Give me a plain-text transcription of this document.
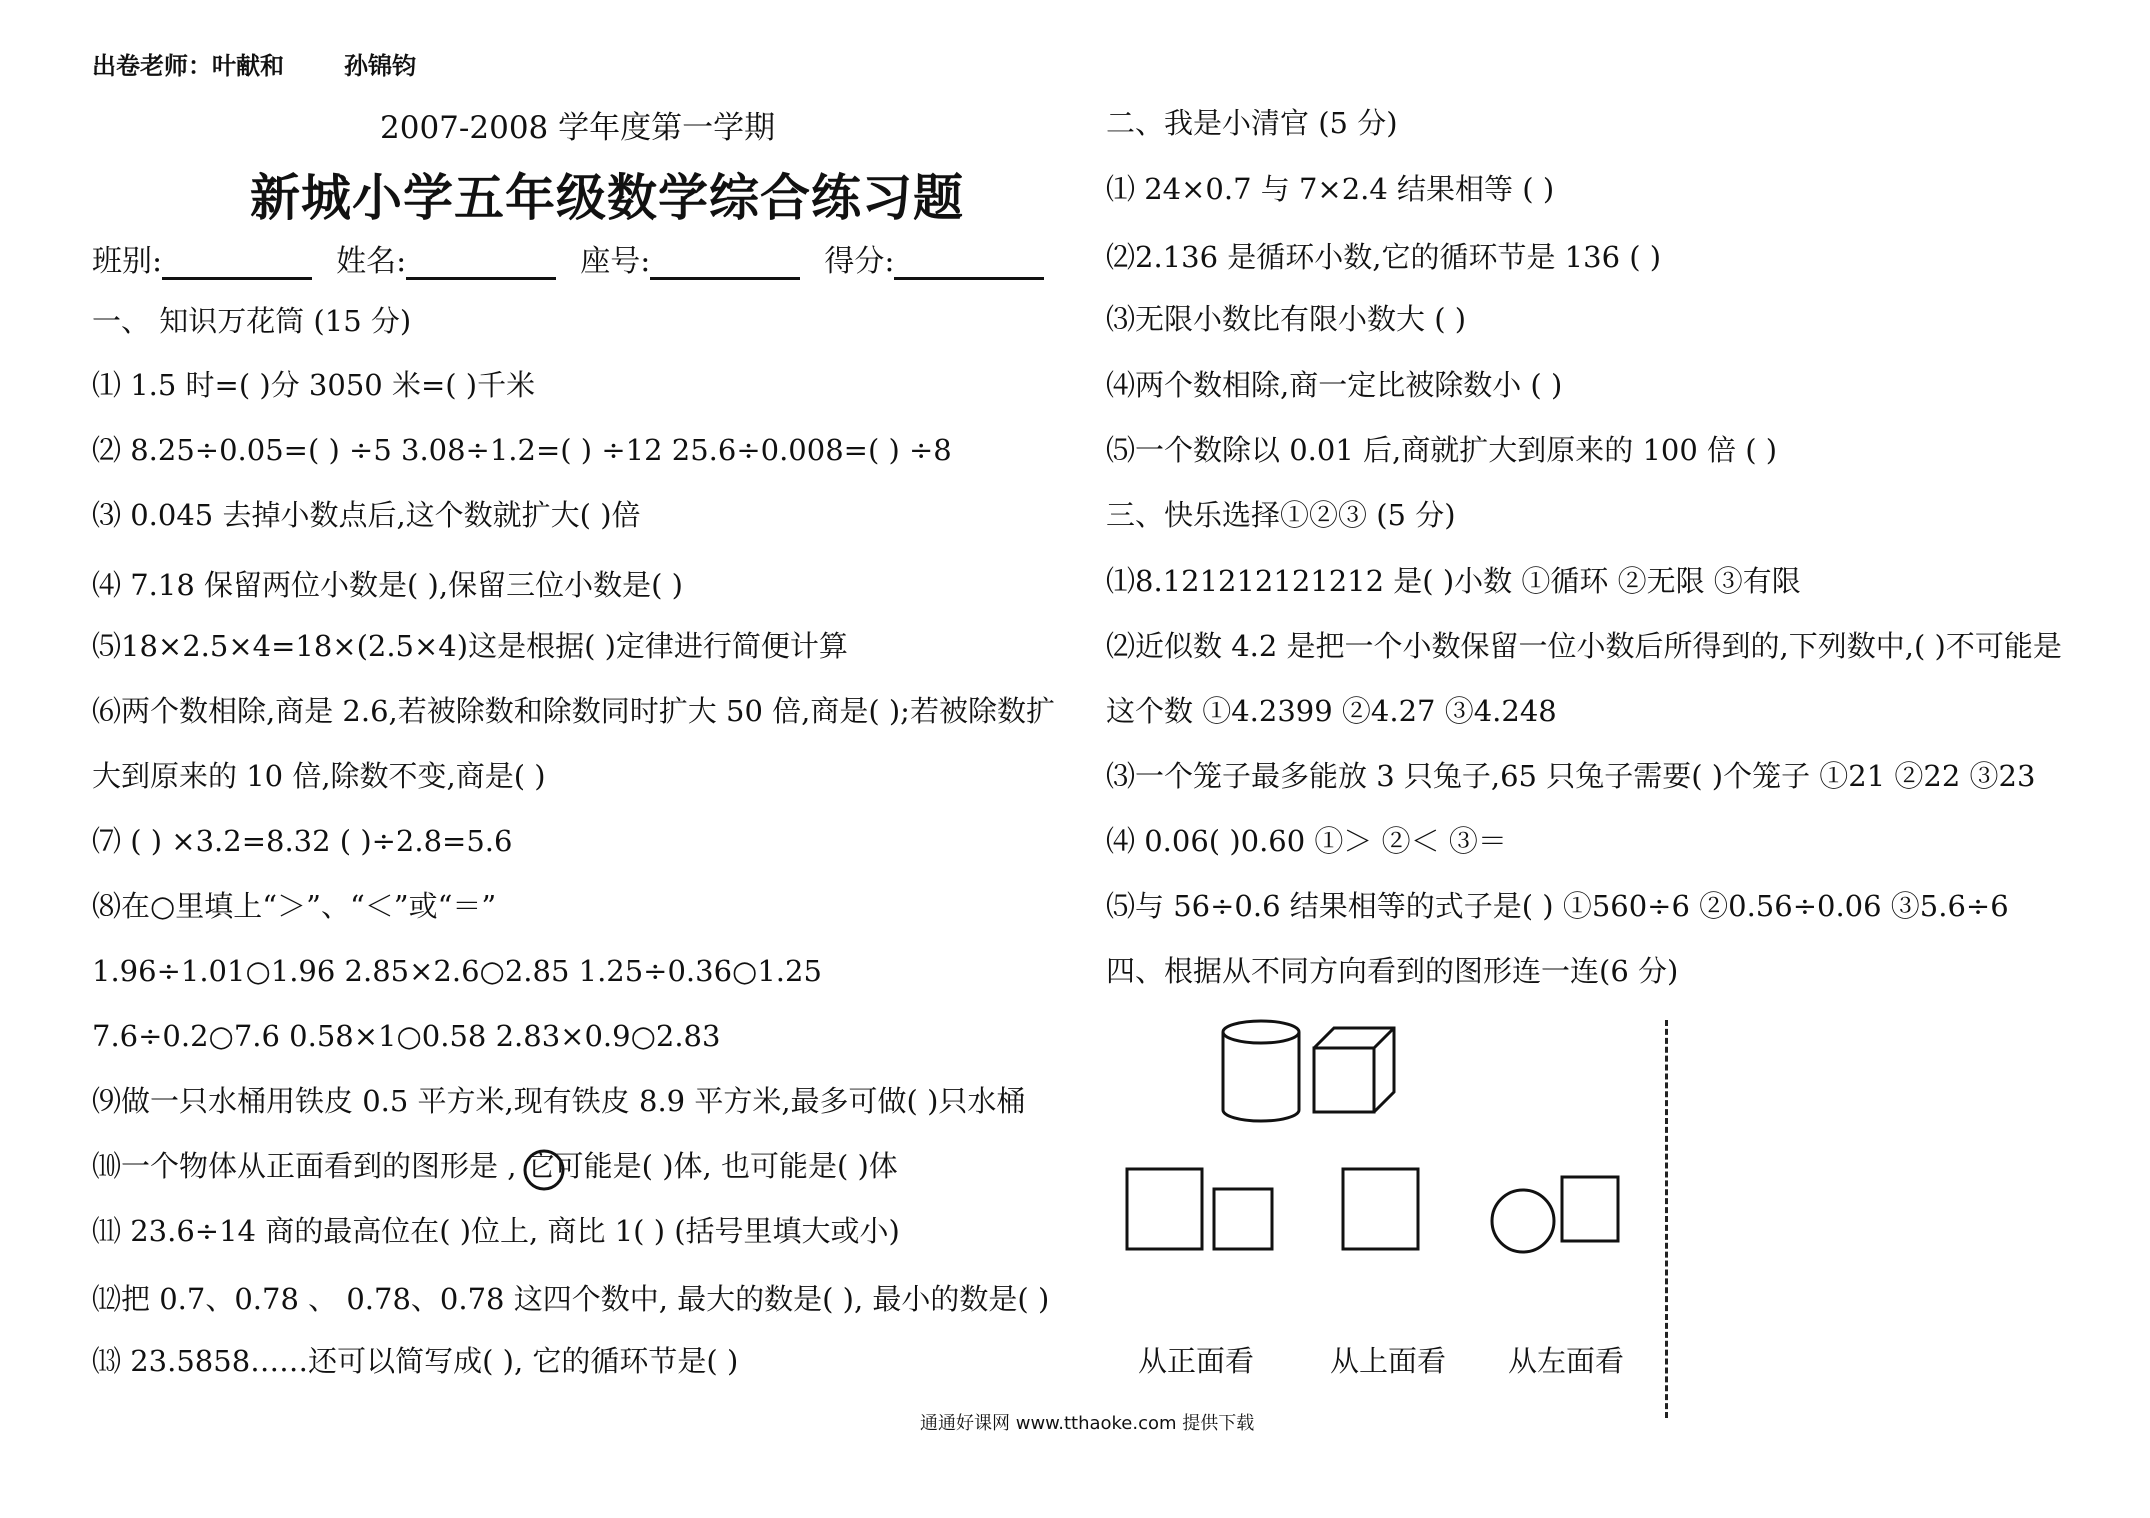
出卷老师：叶献和	孙锦钧
2007-2008 学年度第一学期
新城小学五年级数学综合练习题
班别:	姓名:	座号:	得分:
一、 知识万花筒 (15 分)
⑴ 1.5 时=( )分 3050 米=( )千米
⑵ 8.25÷0.05=( ) ÷5 3.08÷1.2=( ) ÷12 25.6÷0.008=( ) ÷8
⑶ 0.045 去掉小数点后,这个数就扩大( )倍
⑷ 7.18 保留两位小数是( ),保留三位小数是( )
⑸18×2.5×4=18×(2.5×4)这是根据( )定律进行简便计算
⑹两个数相除,商是 2.6,若被除数和除数同时扩大 50 倍,商是( );若被除数扩
大到原来的 10 倍,除数不变,商是( )
⑺ ( ) ×3.2=8.32 ( )÷2.8=5.6
⑻在○里填上“＞”、“＜”或“＝”
1.96÷1.01○1.96 2.85×2.6○2.85 1.25÷0.36○1.25
7.6÷0.2○7.6 0.58×1○0.58 2.83×0.9○2.83
⑼做一只水桶用铁皮 0.5 平方米,现有铁皮 8.9 平方米,最多可做( )只水桶
⑽一个物体从正面看到的图形是 , 它可能是( )体, 也可能是( )体
⑾ 23.6÷14 商的最高位在( )位上, 商比 1( ) (括号里填大或小)
⑿把 0.7、0.78 、 0.78、0.78 这四个数中, 最大的数是( ), 最小的数是( )
⒀ 23.5858……还可以简写成( ), 它的循环节是( )
二、我是小清官 (5 分)
⑴ 24×0.7 与 7×2.4 结果相等 ( )
⑵2.136 是循环小数,它的循环节是 136 ( )
⑶无限小数比有限小数大 ( )
⑷两个数相除,商一定比被除数小 ( )
⑸一个数除以 0.01 后,商就扩大到原来的 100 倍 ( )
三、快乐选择①②③ (5 分)
⑴8.121212121212 是( )小数 ①循环 ②无限 ③有限
⑵近似数 4.2 是把一个小数保留一位小数后所得到的,下列数中,( )不可能是
这个数 ①4.2399 ②4.27 ③4.248
⑶一个笼子最多能放 3 只兔子,65 只兔子需要( )个笼子 ①21 ②22 ③23
⑷ 0.06( )0.60 ①＞ ②＜ ③＝
⑸与 56÷0.6 结果相等的式子是( ) ①560÷6 ②0.56÷0.06 ③5.6÷6
四、根据从不同方向看到的图形连一连(6 分)
从正面看	从上面看 从左面看
通通好课网 www.tthaoke.com 提供下载
